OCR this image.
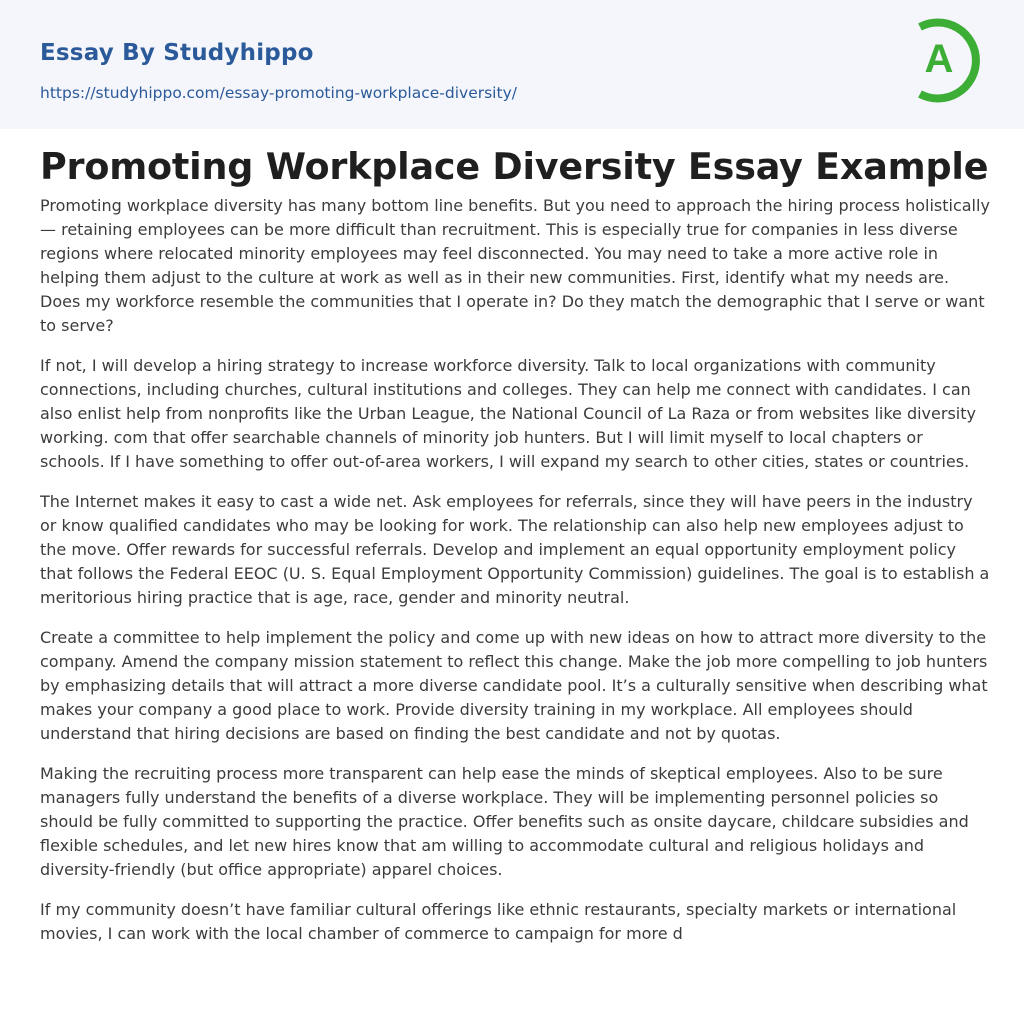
Essay By Studyhippo
https://studyhippo.com/essay-promoting-workplace-diversity/
A
Promoting Workplace Diversity Essay Example

Promoting workplace diversity has many bottom line benefits. But you need to approach the hiring process holistically — retaining employees can be more difficult than recruitment. This is especially true for companies in less diverse regions where relocated minority employees may feel disconnected. You may need to take a more active role in helping them adjust to the culture at work as well as in their new communities. First, identify what my needs are. Does my workforce resemble the communities that I operate in? Do they match the demographic that I serve or want to serve?

If not, I will develop a hiring strategy to increase workforce diversity. Talk to local organizations with community connections, including churches, cultural institutions and colleges. They can help me connect with candidates. I can also enlist help from nonprofits like the Urban League, the National Council of La Raza or from websites like diversity working. com that offer searchable channels of minority job hunters. But I will limit myself to local chapters or schools. If I have something to offer out-of-area workers, I will expand my search to other cities, states or countries.

The Internet makes it easy to cast a wide net. Ask employees for referrals, since they will have peers in the industry or know qualified candidates who may be looking for work. The relationship can also help new employees adjust to the move. Offer rewards for successful referrals. Develop and implement an equal opportunity employment policy that follows the Federal EEOC (U. S. Equal Employment Opportunity Commission) guidelines. The goal is to establish a meritorious hiring practice that is age, race, gender and minority neutral.

Create a committee to help implement the policy and come up with new ideas on how to attract more diversity to the company. Amend the company mission statement to reflect this change. Make the job more compelling to job hunters by emphasizing details that will attract a more diverse candidate pool. It’s a culturally sensitive when describing what makes your company a good place to work. Provide diversity training in my workplace. All employees should understand that hiring decisions are based on finding the best candidate and not by quotas.

Making the recruiting process more transparent can help ease the minds of skeptical employees. Also to be sure managers fully understand the benefits of a diverse workplace. They will be implementing personnel policies so should be fully committed to supporting the practice. Offer benefits such as onsite daycare, childcare subsidies and flexible schedules, and let new hires know that am willing to accommodate cultural and religious holidays and diversity-friendly (but office appropriate) apparel choices.

If my community doesn’t have familiar cultural offerings like ethnic restaurants, specialty markets or international movies, I can work with the local chamber of commerce to campaign for more d
